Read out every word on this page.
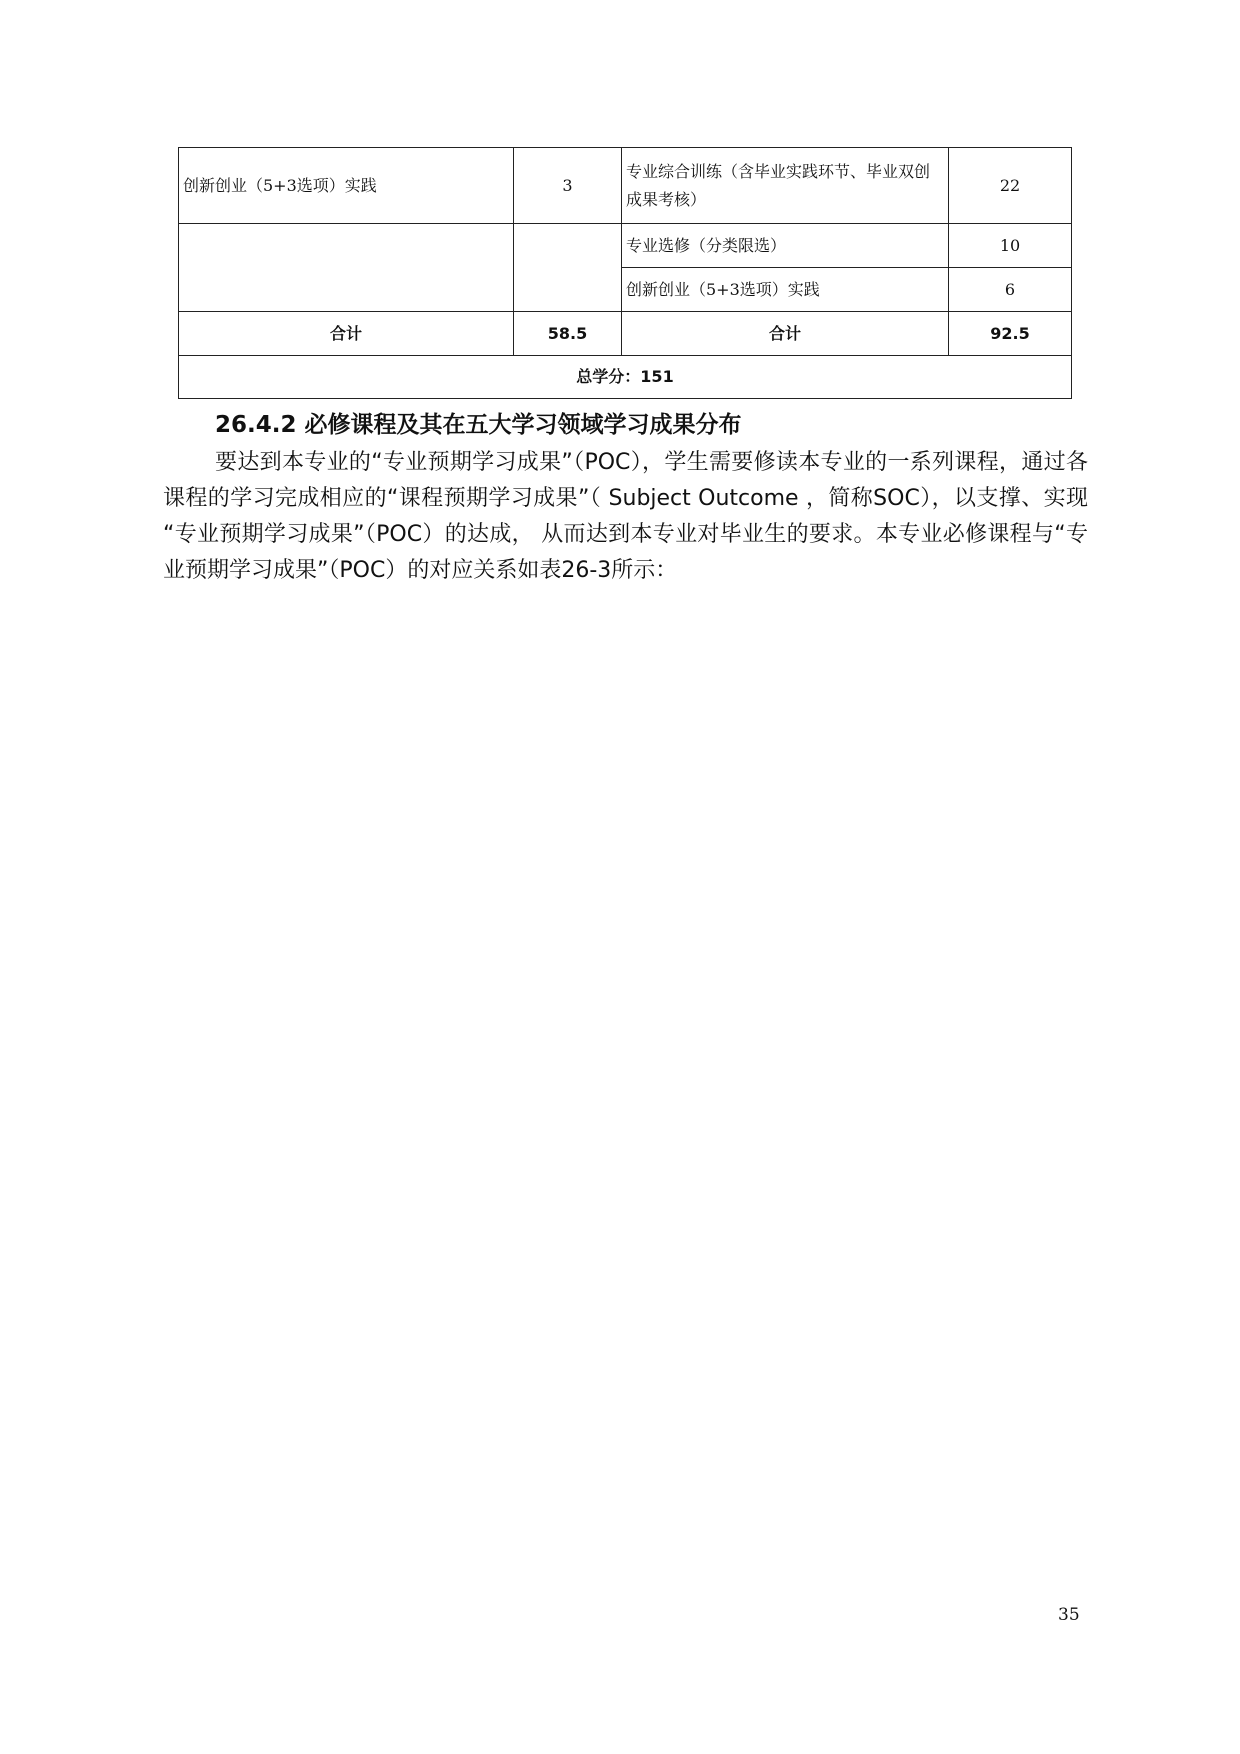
创新创业（5+3选项）实践	3	专业综合训练（含毕业实践环节、毕业双创成果考核）	22
		专业选修（分类限选）	10
		创新创业（5+3选项）实践	6
合计	58.5	合计	92.5
总学分：151			
26.4.2 必修课程及其在五大学习领域学习成果分布
要达到本专业的“专业预期学习成果”（POC），学生需要修读本专业的一系列课程，通过各课程的学习完成相应的“课程预期学习成果”（ Subject Outcome ，简称SOC），以支撑、实现 “专业预期学习成果”（POC）的达成， 从而达到本专业对毕业生的要求。本专业必修课程与“专业预期学习成果”（POC）的对应关系如表26-3所示：
35
